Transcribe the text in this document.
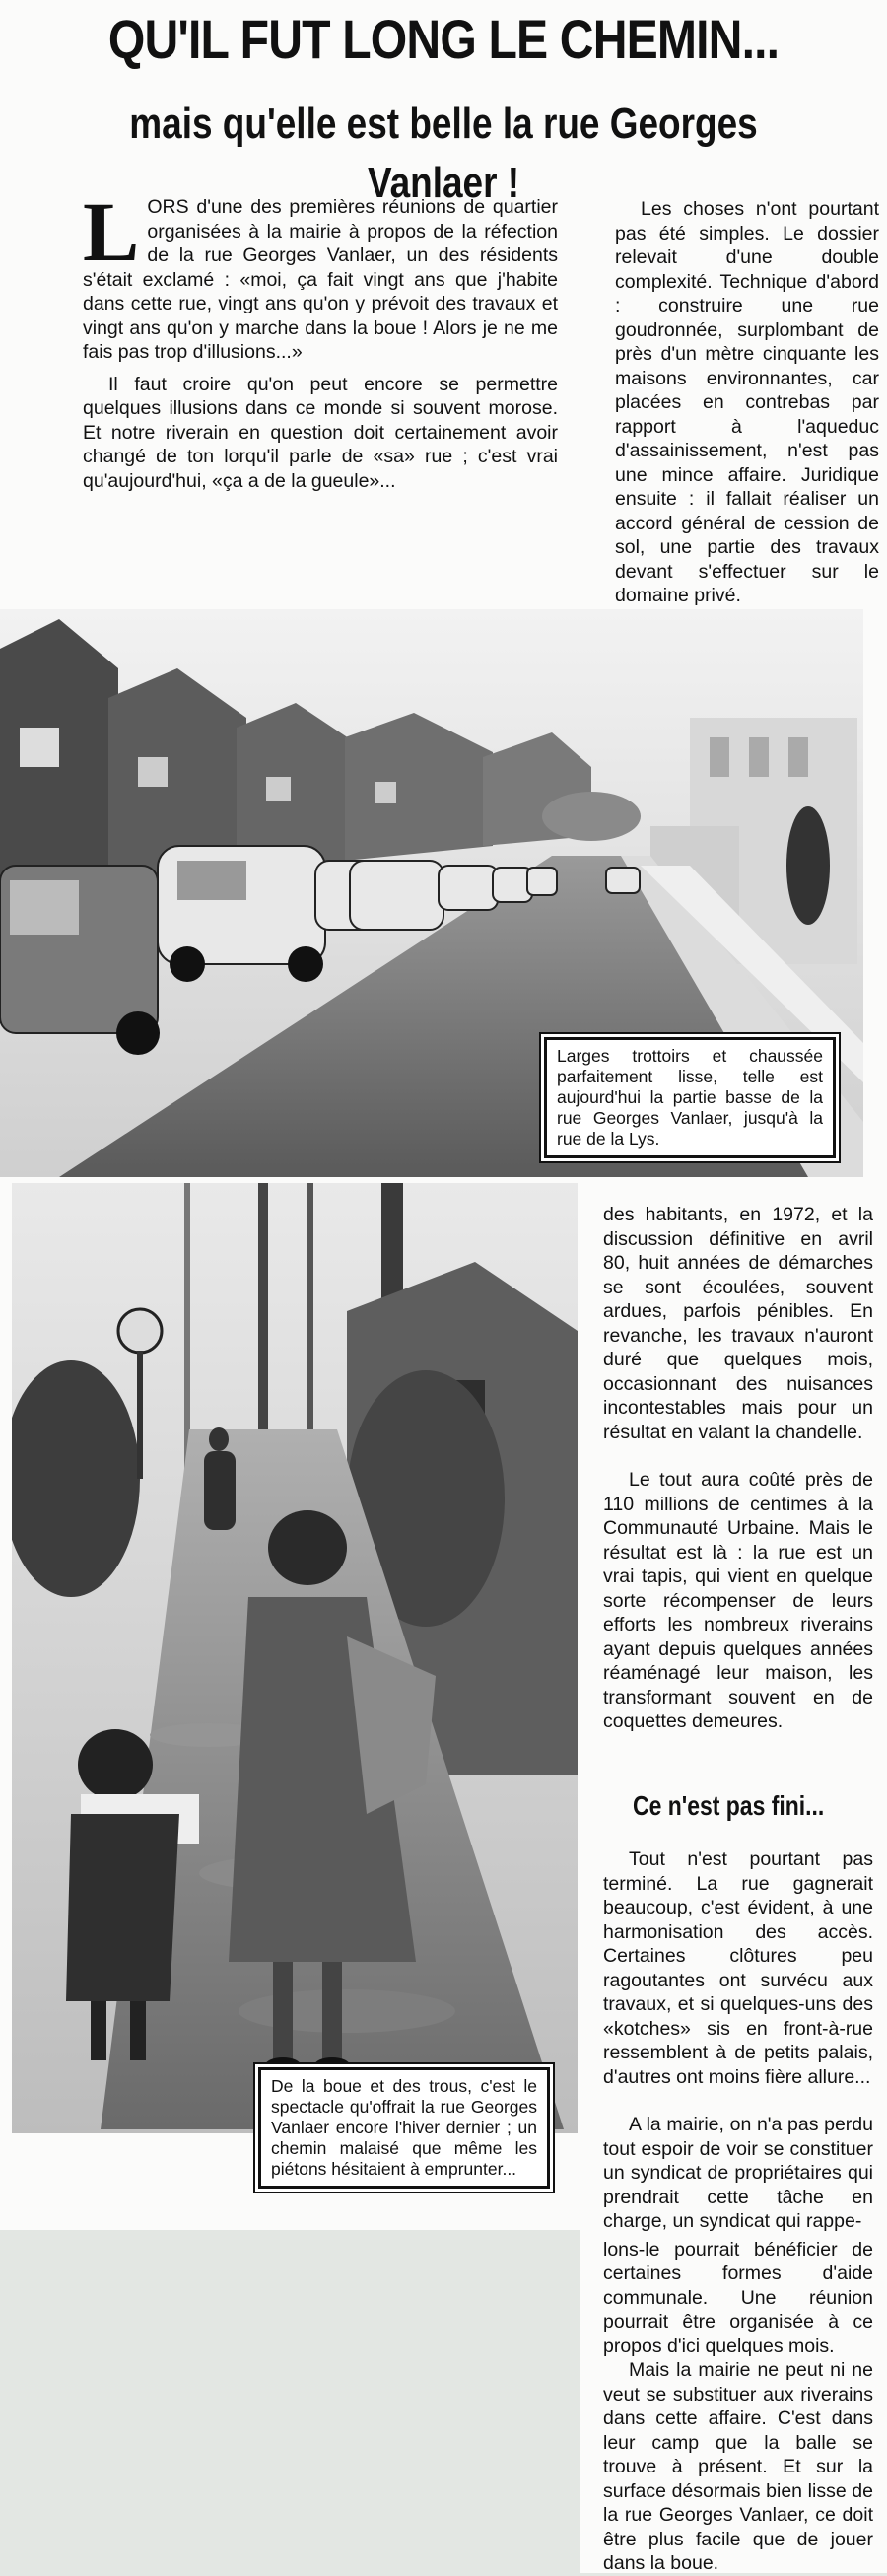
QU'IL FUT LONG LE CHEMIN...
mais qu'elle est belle la rue Georges Vanlaer !

LORS d'une des premières réunions de quartier organisées à la mairie à propos de la réfection de la rue Georges Vanlaer, un des résidents s'était exclamé : «moi, ça fait vingt ans que j'habite dans cette rue, vingt ans qu'on y prévoit des travaux et vingt ans qu'on y marche dans la boue ! Alors je ne me fais pas trop d'illusions...»

Il faut croire qu'on peut encore se permettre quelques illusions dans ce monde si souvent morose. Et notre riverain en question doit certainement avoir changé de ton lorqu'il parle de «sa» rue ; c'est vrai qu'aujourd'hui, «ça a de la gueule»...

Les choses n'ont pourtant pas été simples. Le dossier relevait d'une double complexité. Technique d'abord : construire une rue goudronnée, surplombant de près d'un mètre cinquante les maisons environnantes, car placées en contrebas par rapport à l'aqueduc d'assainissement, n'est pas une mince affaire. Juridique ensuite : il fallait réaliser un accord général de cession de sol, une partie des travaux devant s'effectuer sur le domaine privé.

Larges trottoirs et chaussée parfaitement lisse, telle est aujourd'hui la partie basse de la rue Georges Vanlaer, jusqu'à la rue de la Lys.
De la boue et des trous, c'est le spectacle qu'offrait la rue Georges Vanlaer encore l'hiver dernier ; un chemin malaisé que même les piétons hésitaient à emprunter...

des habitants, en 1972, et la discussion définitive en avril 80, huit années de démarches se sont écoulées, souvent ardues, parfois pénibles. En revanche, les travaux n'auront duré que quelques mois, occasionnant des nuisances incontestables mais pour un résultat en valant la chandelle.

Le tout aura coûté près de 110 millions de centimes à la Communauté Urbaine. Mais le résultat est là : la rue est un vrai tapis, qui vient en quelque sorte récompenser de leurs efforts les nombreux riverains ayant depuis quelques années réaménagé leur maison, les transformant souvent en de coquettes demeures.

Ce n'est pas fini...

Tout n'est pourtant pas terminé. La rue gagnerait beaucoup, c'est évident, à une harmonisation des accès. Certaines clôtures peu ragoutantes ont survécu aux travaux, et si quelques-uns des «kotches» sis en front-à-rue ressemblent à de petits palais, d'autres ont moins fière allure...

A la mairie, on n'a pas perdu tout espoir de voir se constituer un syndicat de propriétaires qui prendrait cette tâche en charge, un syndicat qui rappe-

lons-le pourrait bénéficier de certaines formes d'aide communale. Une réunion pourrait être organisée à ce propos d'ici quelques mois.

Mais la mairie ne peut ni ne veut se substituer aux riverains dans cette affaire. C'est dans leur camp que la balle se trouve à présent. Et sur la surface désormais bien lisse de la rue Georges Vanlaer, ce doit être plus facile que de jouer dans la boue.
